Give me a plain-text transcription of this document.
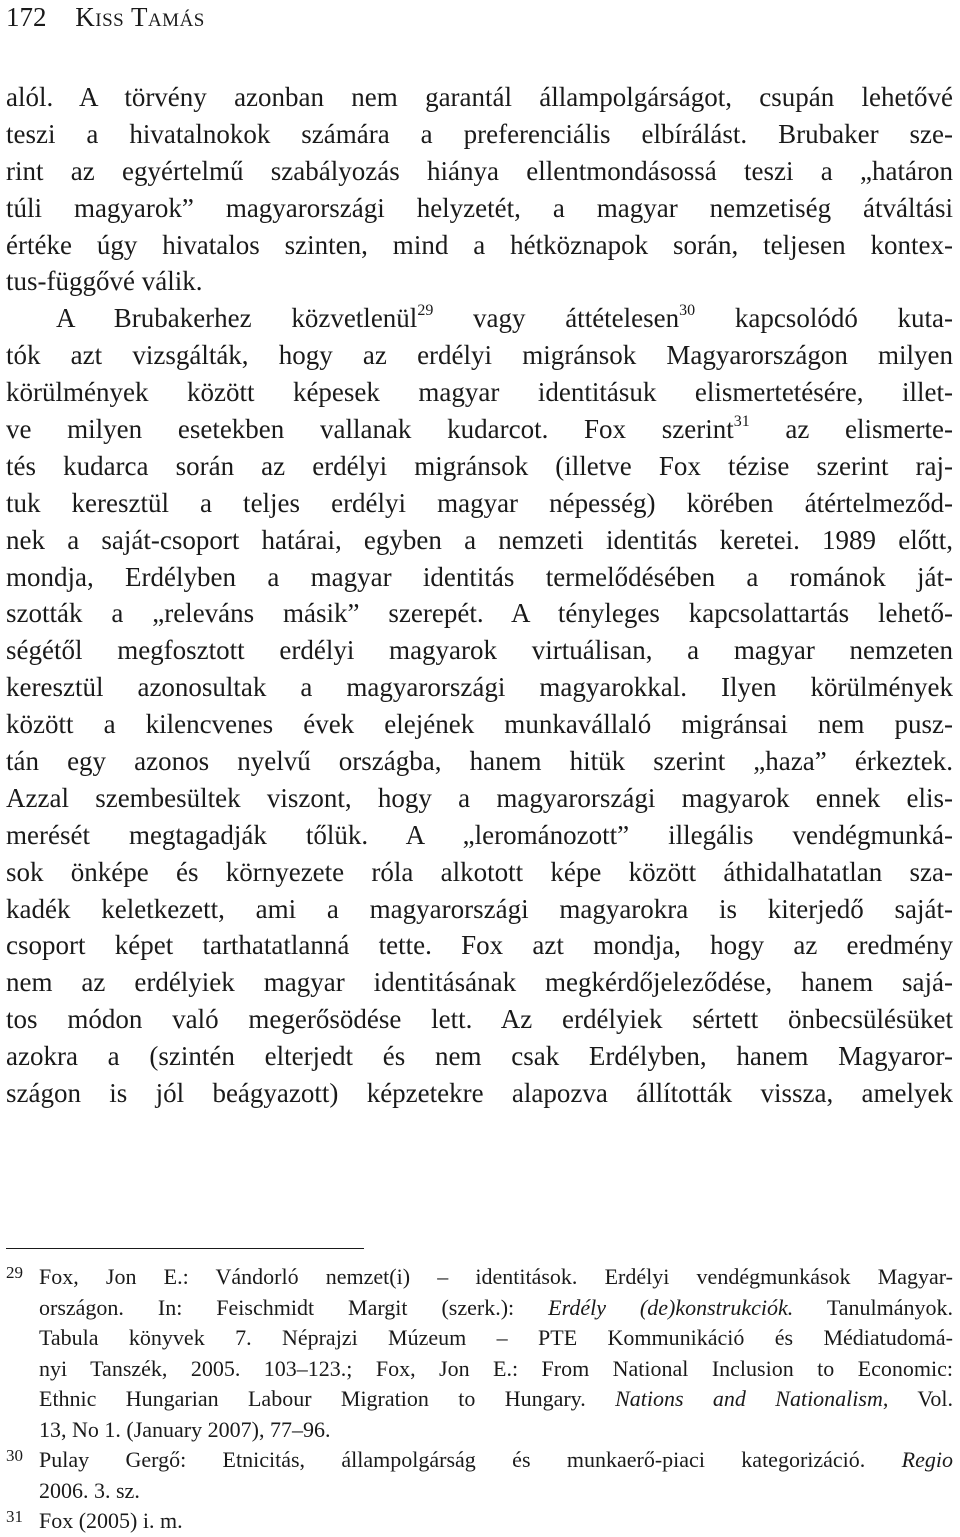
172 Kiss Tamás
alól. A törvény azonban nem garantál állampolgárságot, csupán lehetővé
teszi a hivatalnokok számára a preferenciális elbírálást. Brubaker sze-
rint az egyértelmű szabályozás hiánya ellentmondásossá teszi a „határon
túli magyarok” magyarországi helyzetét, a magyar nemzetiség átváltási
értéke úgy hivatalos szinten, mind a hétköznapok során, teljesen kontex-
tus-függővé válik.
A Brubakerhez közvetlenül$^{29}$ vagy áttételesen$^{30}$ kapcsolódó kuta-
tók azt vizsgálták, hogy az erdélyi migránsok Magyarországon milyen
körülmények között képesek magyar identitásuk elismertetésére, illet-
ve milyen esetekben vallanak kudarcot. Fox szerint$^{31}$ az elismerte-
tés kudarca során az erdélyi migránsok (illetve Fox tézise szerint raj-
tuk keresztül a teljes erdélyi magyar népesség) körében átértelmeződ-
nek a saját-csoport határai, egyben a nemzeti identitás keretei. 1989 előtt,
mondja, Erdélyben a magyar identitás termelődésében a románok ját-
szották a „releváns másik” szerepét. A tényleges kapcsolattartás lehető-
ségétől megfosztott erdélyi magyarok virtuálisan, a magyar nemzeten
keresztül azonosultak a magyarországi magyarokkal. Ilyen körülmények
között a kilencvenes évek elejének munkavállaló migránsai nem pusz-
tán egy azonos nyelvű országba, hanem hitük szerint „haza” érkeztek.
Azzal szembesültek viszont, hogy a magyarországi magyarok ennek elis-
merését megtagadják tőlük. A „lerománozott” illegális vendégmunká-
sok önképe és környezete róla alkotott képe között áthidalhatatlan sza-
kadék keletkezett, ami a magyarországi magyarokra is kiterjedő saját-
csoport képet tarthatatlanná tette. Fox azt mondja, hogy az eredmény
nem az erdélyiek magyar identitásának megkérdőjeleződése, hanem sajá-
tos módon való megerősödése lett. Az erdélyiek sértett önbecsülésüket
azokra a (szintén elterjedt és nem csak Erdélyben, hanem Magyaror-
szágon is jól beágyazott) képzetekre alapozva állították vissza, amelyek
29 Fox, Jon E.: Vándorló nemzet(i) – identitások. Erdélyi vendégmunkások Magyar-
országon. In: Feischmidt Margit (szerk.): Erdély (de)konstrukciók. Tanulmányok.
Tabula könyvek 7. Néprajzi Múzeum – PTE Kommunikáció és Médiatudomá-
nyi Tanszék, 2005. 103–123.; Fox, Jon E.: From National Inclusion to Economic:
Ethnic Hungarian Labour Migration to Hungary. Nations and Nationalism, Vol.
13, No 1. (January 2007), 77–96.
30 Pulay Gergő: Etnicitás, állampolgárság és munkaerő-piaci kategorizáció. Regio
2006. 3. sz.
31 Fox (2005) i. m.
